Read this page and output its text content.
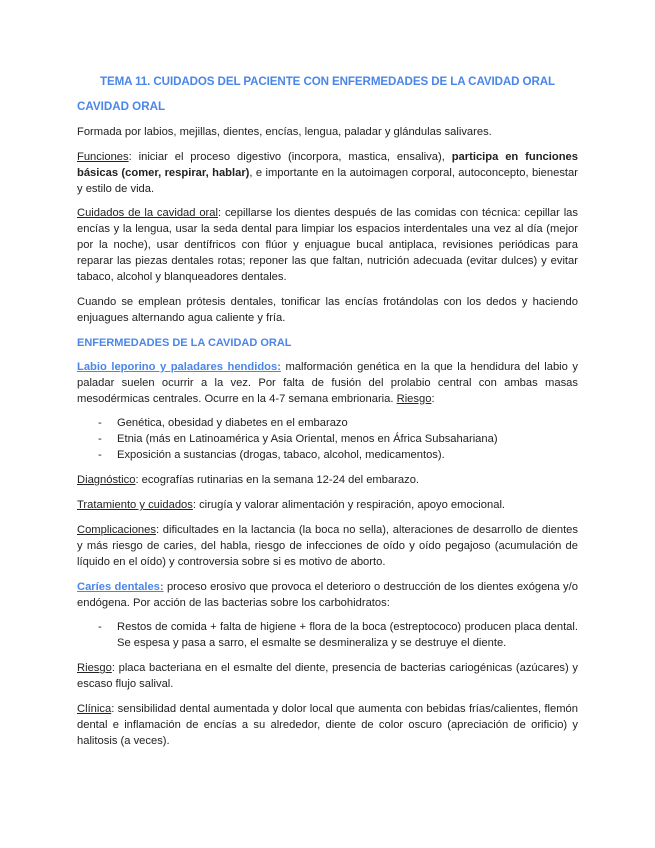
TEMA 11. CUIDADOS DEL PACIENTE CON ENFERMEDADES DE LA CAVIDAD ORAL
CAVIDAD ORAL

Formada por labios, mejillas, dientes, encías, lengua, paladar y glándulas salivares.

Funciones: iniciar el proceso digestivo (incorpora, mastica, ensaliva), participa en funciones básicas (comer, respirar, hablar), e importante en la autoimagen corporal, autoconcepto, bienestar y estilo de vida.

Cuidados de la cavidad oral: cepillarse los dientes después de las comidas con técnica: cepillar las encías y la lengua, usar la seda dental para limpiar los espacios interdentales una vez al día (mejor por la noche), usar dentífricos con flúor y enjuague bucal antiplaca, revisiones periódicas para reparar las piezas dentales rotas; reponer las que faltan, nutrición adecuada (evitar dulces) y evitar tabaco, alcohol y blanqueadores dentales.

Cuando se emplean prótesis dentales, tonificar las encías frotándolas con los dedos y haciendo enjuagues alternando agua caliente y fría.

ENFERMEDADES DE LA CAVIDAD ORAL

Labio leporino y paladares hendidos: malformación genética en la que la hendidura del labio y paladar suelen ocurrir a la vez. Por falta de fusión del prolabio central con ambas masas mesodérmicas centrales. Ocurre en la 4-7 semana embrionaria. Riesgo:

- Genética, obesidad y diabetes en el embarazo
- Etnia (más en Latinoamérica y Asia Oriental, menos en África Subsahariana)
- Exposición a sustancias (drogas, tabaco, alcohol, medicamentos).

Diagnóstico: ecografías rutinarias en la semana 12-24 del embarazo.

Tratamiento y cuidados: cirugía y valorar alimentación y respiración, apoyo emocional.

Complicaciones: dificultades en la lactancia (la boca no sella), alteraciones de desarrollo de dientes y más riesgo de caries, del habla, riesgo de infecciones de oído y oído pegajoso (acumulación de líquido en el oído) y controversia sobre si es motivo de aborto.

Caríes dentales: proceso erosivo que provoca el deterioro o destrucción de los dientes exógena y/o endógena. Por acción de las bacterias sobre los carbohidratos:

- Restos de comida + falta de higiene + flora de la boca (estreptococo) producen placa dental. Se espesa y pasa a sarro, el esmalte se desmineraliza y se destruye el diente.

Riesgo: placa bacteriana en el esmalte del diente, presencia de bacterias cariogénicas (azúcares) y escaso flujo salival.

Clínica: sensibilidad dental aumentada y dolor local que aumenta con bebidas frías/calientes, flemón dental e inflamación de encías a su alrededor, diente de color oscuro (apreciación de orificio) y halitosis (a veces).
